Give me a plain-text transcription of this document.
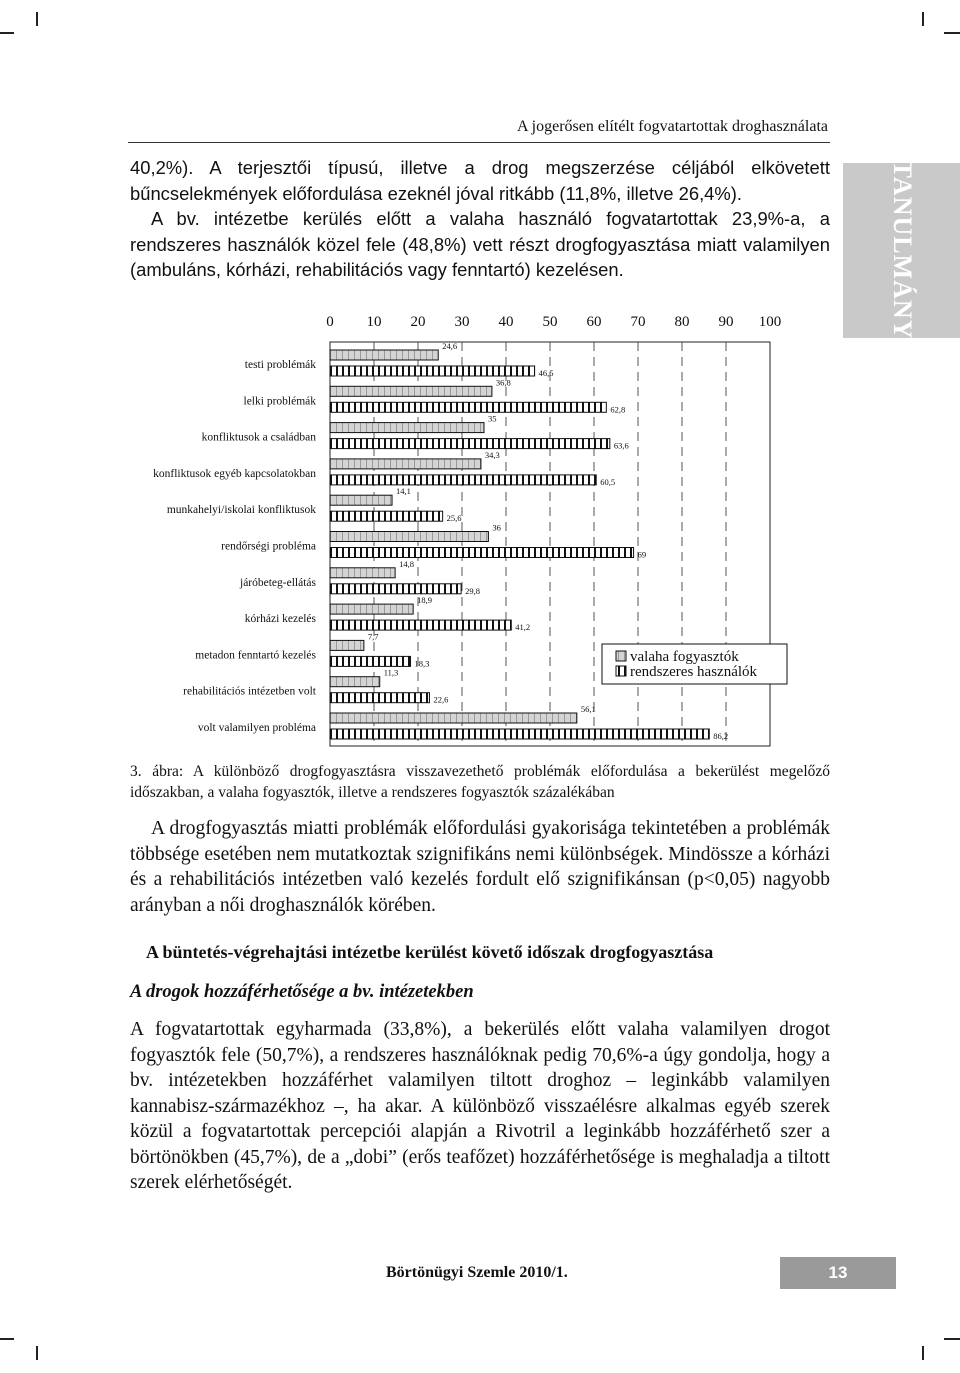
A jogerősen elítélt fogvatartottak droghasználata
TANULMÁNY

40,2%). A terjesztői típusú, illetve a drog megszerzése céljából elkövetett bűncselekmények előfordulása ezeknél jóval ritkább (11,8%, illetve 26,4%).

A bv. intézetbe kerülés előtt a valaha használó fogvatartottak 23,9%-a, a rendszeres használók közel fele (48,8%) vett részt drogfogyasztása miatt valamilyen (ambuláns, kórházi, rehabilitációs vagy fenntartó) kezelésen.

0 10 20 30 40 50 60 70 80 90 100
testi problémák
lelki problémák
konfliktusok a családban
konfliktusok egyéb kapcsolatokban
munkahelyi/iskolai konfliktusok
rendőrségi probléma
járóbeteg-ellátás
kórházi kezelés
metadon fenntartó kezelés
rehabilitációs intézetben volt
volt valamilyen probléma
24,6
46,5
36,8
62,8
35
63,6
34,3
60,5
14,1
25,6
36
69
14,8
29,8
18,9
41,2
7,7
18,3
11,3
22,6
56,1
86,2
valaha fogyasztók
rendszeres használók

3. ábra: A különböző drogfogyasztásra visszavezethető problémák előfordulása a bekerülést megelőző időszakban, a valaha fogyasztók, illetve a rendszeres fogyasztók százalékában

A drogfogyasztás miatti problémák előfordulási gyakorisága tekintetében a problémák többsége esetében nem mutatkoztak szignifikáns nemi különbségek. Mindössze a kórházi és a rehabilitációs intézetben való kezelés fordult elő szignifikánsan (p<0,05) nagyobb arányban a női droghasználók körében.

A büntetés-végrehajtási intézetbe kerülést követő időszak drogfogyasztása
A drogok hozzáférhetősége a bv. intézetekben

A fogvatartottak egyharmada (33,8%), a bekerülés előtt valaha valamilyen drogot fogyasztók fele (50,7%), a rendszeres használóknak pedig 70,6%-a úgy gondolja, hogy a bv. intézetekben hozzáférhet valamilyen tiltott droghoz – leginkább valamilyen kannabisz-származékhoz –, ha akar. A különböző visszaélésre alkalmas egyéb szerek közül a fogvatartottak percepciói alapján a Rivotril a leginkább hozzáférhető szer a börtönökben (45,7%), de a „dobi” (erős teafőzet) hozzáférhetősége is meghaladja a tiltott szerek elérhetőségét.

Börtönügyi Szemle 2010/1.	13
